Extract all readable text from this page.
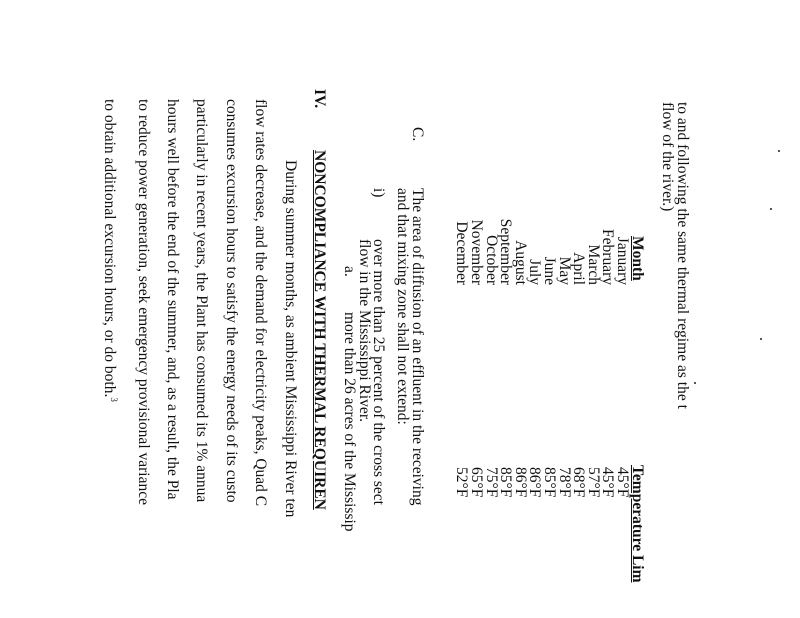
to and following the same thermal regime as the t
flow of the river.)
Month
Temperature Lim
January
45°F
February
45°F
March
57°F
April
68°F
May
78°F
June
85°F
July
86°F
August
86°F
September
85°F
October
75°F
November
65°F
December
52°F
C.
The area of diffusion of an effluent in the receiving
and that mixing zone shall not extend:
i)
over more than 25 percent of the cross sect
flow in the Mississippi River.
a.
more than 26 acres of the Mississip
IV.
NONCOMPLIANCE WITH THERMAL REQUIREN
During summer months, as ambient Mississippi River ten
flow rates decrease, and the demand for electricity peaks, Quad C
consumes excursion hours to satisfy the energy needs of its custo
particularly in recent years, the Plant has consumed its 1% annua
hours well before the end of the summer, and, as a result, the Pla
to reduce power generation, seek emergency provisional variance
to obtain additional excursion hours, or do both.$^3$
